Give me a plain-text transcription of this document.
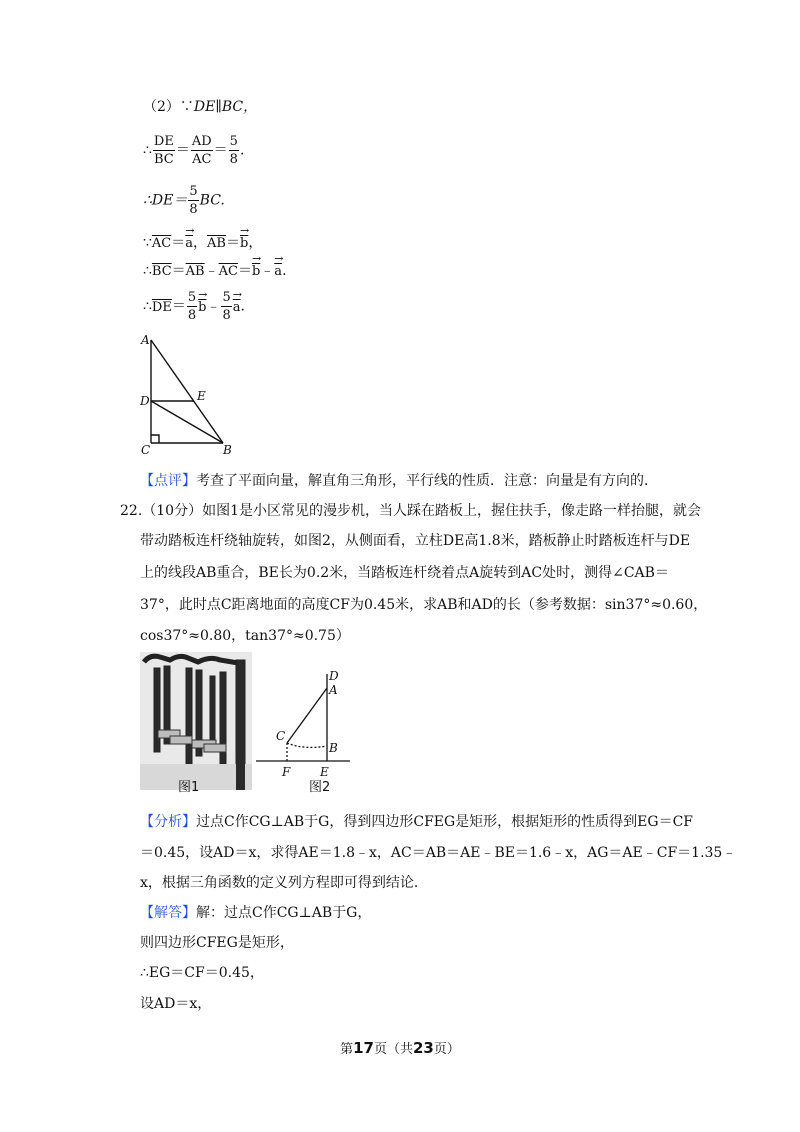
（2）∵DE∥BC，
∴ $\frac{DE}{BC} = \frac{AD}{AC} = \frac{5}{8}$ .
∴DE＝ $\frac{5}{8}$ BC.
$\because\overline{AC}=\to \overline{a}$，$\overline{AB}=\to \overline{b}$，
$\therefore\overline{BC}=\overline{AB}﹣\overline{AC}=\to$ $\overline{b}﹣\to \overline{a}$.
$\therefore\overline{DE}= \frac{5}{8}$ → $\overline{b}﹣ \frac{5}{8} \to \overline{a}$.
A
D	E
C	B
【点评】考查了平面向量，解直角三角形，平行线的性质．注意：向量是有方向的．
22.（10分）如图1是小区常见的漫步机，当人踩在踏板上，握住扶手，像走路一样抬腿，就会
带动踏板连杆绕轴旋转，如图2，从侧面看，立柱DE高1.8米，踏板静止时踏板连杆与DE
上的线段AB重合，BE长为0.2米，当踏板连杆绕着点A旋转到AC处时，测得∠CAB＝
37°，此时点C距离地面的高度CF为0.45米，求AB和AD的长（参考数据：sin37°≈0.60，
cos37°≈0.80，tan37°≈0.75）
图1
D
A
C
B
F E
图2
【分析】过点C作CG⊥AB于G，得到四边形CFEG是矩形，根据矩形的性质得到EG＝CF
＝0.45，设AD＝x，求得AE＝1.8﹣x，AC＝AB＝AE﹣BE＝1.6﹣x，AG＝AE﹣CF＝1.35﹣
x，根据三角函数的定义列方程即可得到结论．
【解答】解：过点C作CG⊥AB于G，
则四边形CFEG是矩形，
∴EG＝CF＝0.45，
设AD＝x，
第17页（共23页）
